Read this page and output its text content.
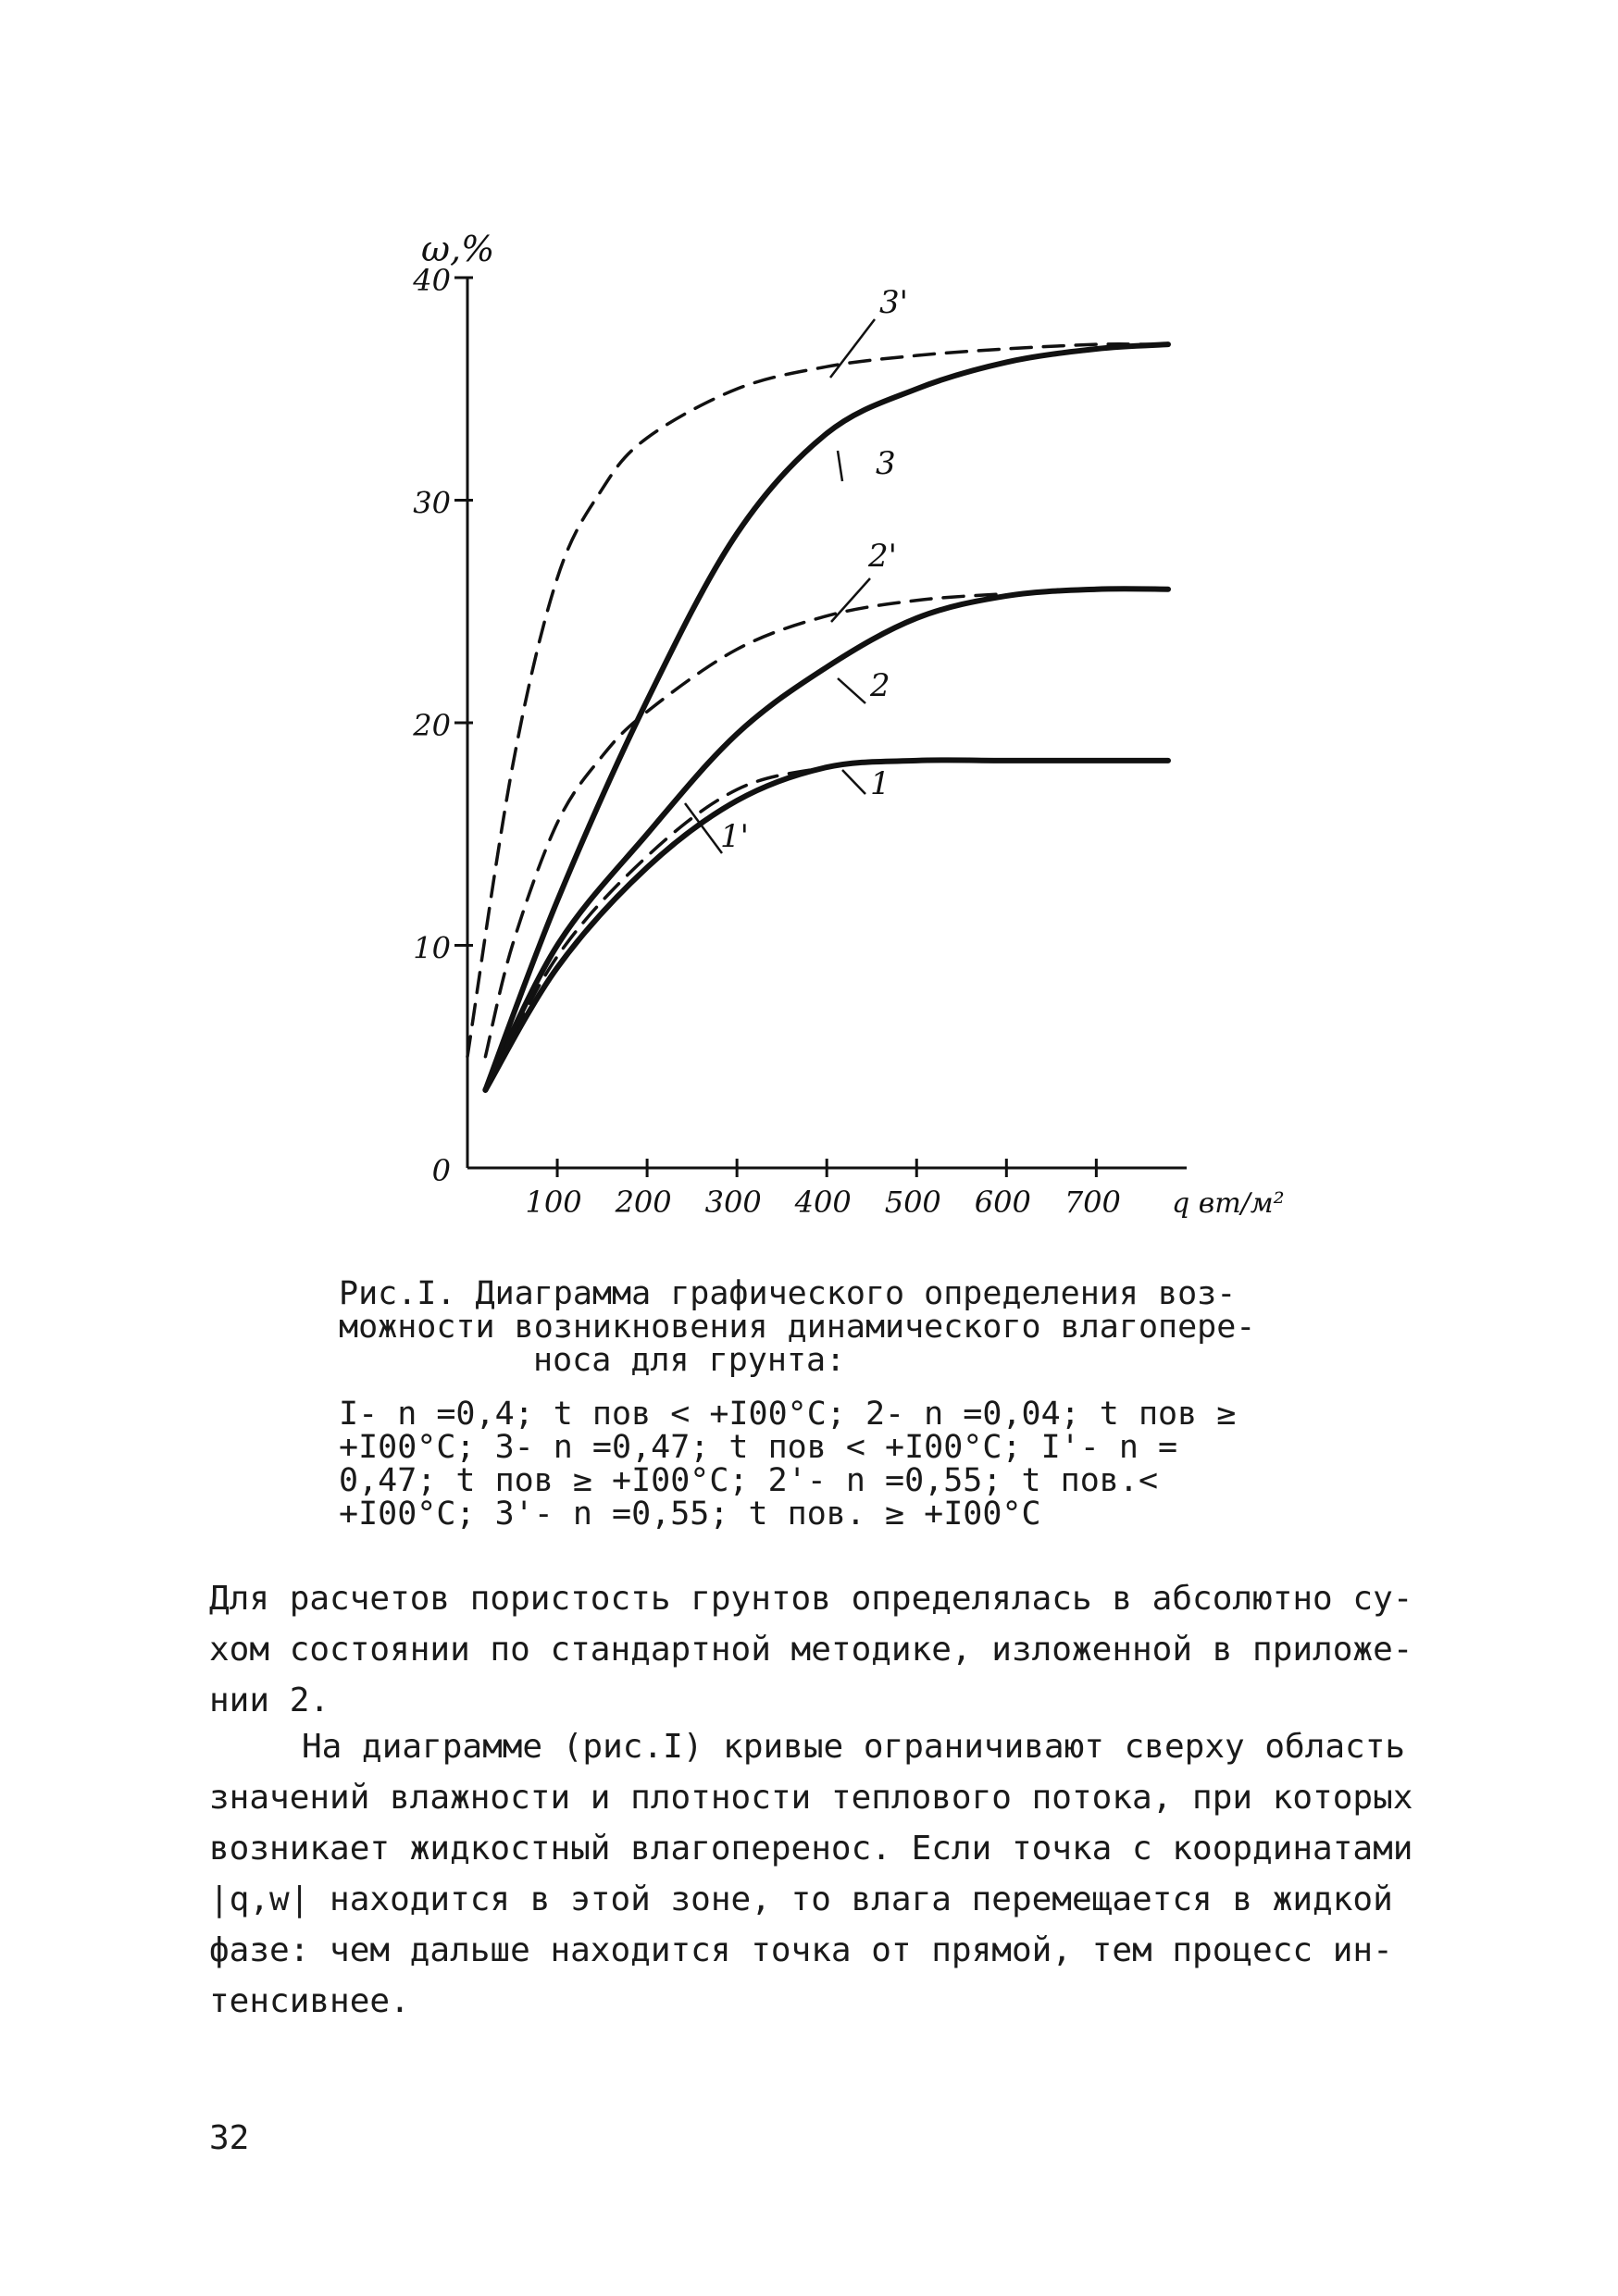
0
10
20
30
40
100 200 300 400 500 600 700
ω,%
q вт/м²
3'
3
2'
2
1
1'
Рис.I. Диаграмма графического определения воз-
можности возникновения динамического влагопере-
носа для грунта:
I- n =0,4; t пов < +I00°С; 2- n =0,04; t пов ≥
+I00°С; 3- n =0,47; t пов < +I00°С; I'- n =
0,47; t пов ≥ +I00°С; 2'- n =0,55; t пов.<
+I00°С; 3'- n =0,55; t пов. ≥ +I00°С
Для расчетов пористость грунтов определялась в абсолютно су-
хом состоянии по стандартной методике, изложенной в приложе-
нии 2.
На диаграмме (рис.I) кривые ограничивают сверху область
значений влажности и плотности теплового потока, при которых
возникает жидкостный влагоперенос. Если точка с координатами
|q,w| находится в этой зоне, то влага перемещается в жидкой
фазе: чем дальше находится точка от прямой, тем процесс ин-
тенсивнее.
32
